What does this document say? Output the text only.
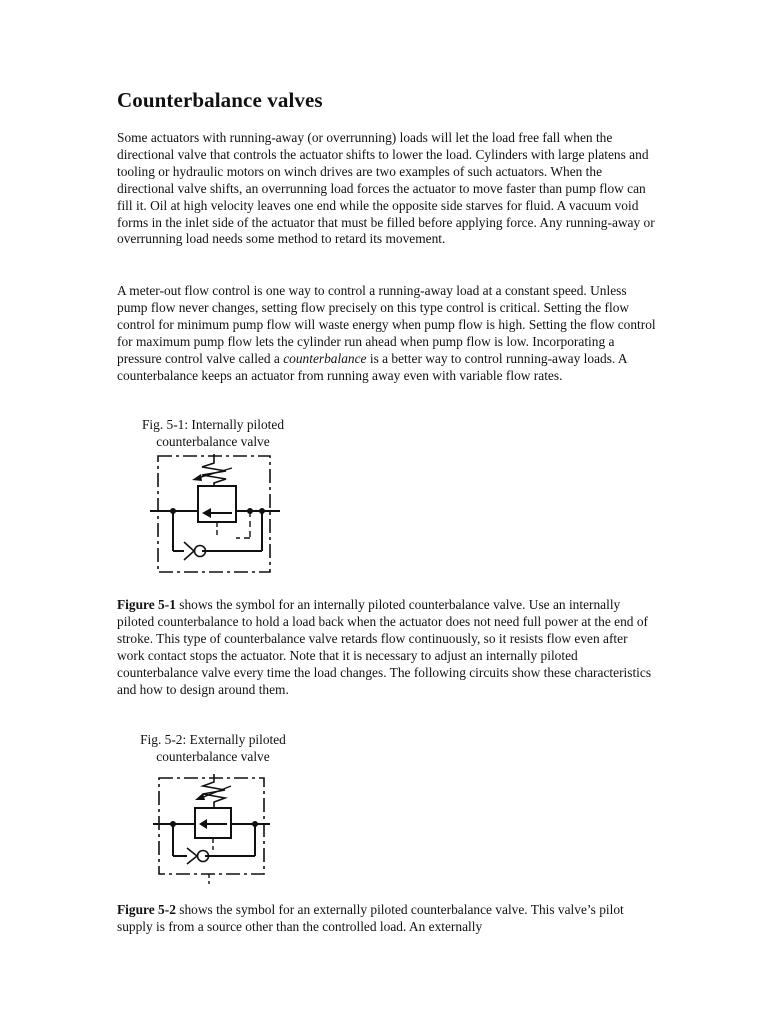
Counterbalance valves

Some actuators with running-away (or overrunning) loads will let the load free fall when the directional valve that controls the actuator shifts to lower the load. Cylinders with large platens and tooling or hydraulic motors on winch drives are two examples of such actuators. When the directional valve shifts, an overrunning load forces the actuator to move faster than pump flow can fill it. Oil at high velocity leaves one end while the opposite side starves for fluid. A vacuum void forms in the inlet side of the actuator that must be filled before applying force. Any running-away or overrunning load needs some method to retard its movement.

A meter-out flow control is one way to control a running-away load at a constant speed. Unless pump flow never changes, setting flow precisely on this type control is critical. Setting the flow control for minimum pump flow will waste energy when pump flow is high. Setting the flow control for maximum pump flow lets the cylinder run ahead when pump flow is low. Incorporating a pressure control valve called a counterbalance is a better way to control running-away loads. A counterbalance keeps an actuator from running away even with variable flow rates.

Fig. 5-1: Internally piloted
counterbalance valve

Figure 5-1 shows the symbol for an internally piloted counterbalance valve. Use an internally piloted counterbalance to hold a load back when the actuator does not need full power at the end of stroke. This type of counterbalance valve retards flow continuously, so it resists flow even after work contact stops the actuator. Note that it is necessary to adjust an internally piloted counterbalance valve every time the load changes. The following circuits show these characteristics and how to design around them.

Fig. 5-2: Externally piloted
counterbalance valve

Figure 5-2 shows the symbol for an externally piloted counterbalance valve. This valve’s pilot supply is from a source other than the controlled load. An externally
